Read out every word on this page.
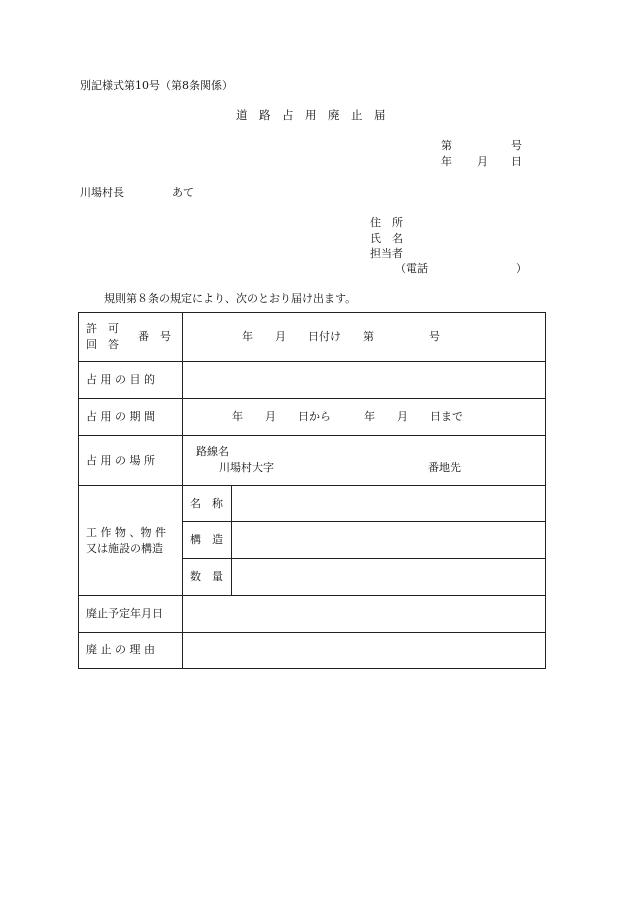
別記様式第10号（第8条関係）
道　路　占　用　廃　止　届
第	号
年 月 日
川場村長	あて
住　所
氏　名
担当者
（電話　　　　　　　　）
規則第８条の規定により、次のとおり届け出ます。
許　可
回　答
番　号	年　　月　　日付け　　第　　　　　号
占 用 の 目 的
占 用 の 期 間	年　　月　　日から　　　年　　月　　日まで
占 用 の 場 所
路線名
川場村大字	番地先
工 作 物 、物 件
又は施設の構造
名　称
構　造
数　量
廃止予定年月日
廃 止 の 理 由
